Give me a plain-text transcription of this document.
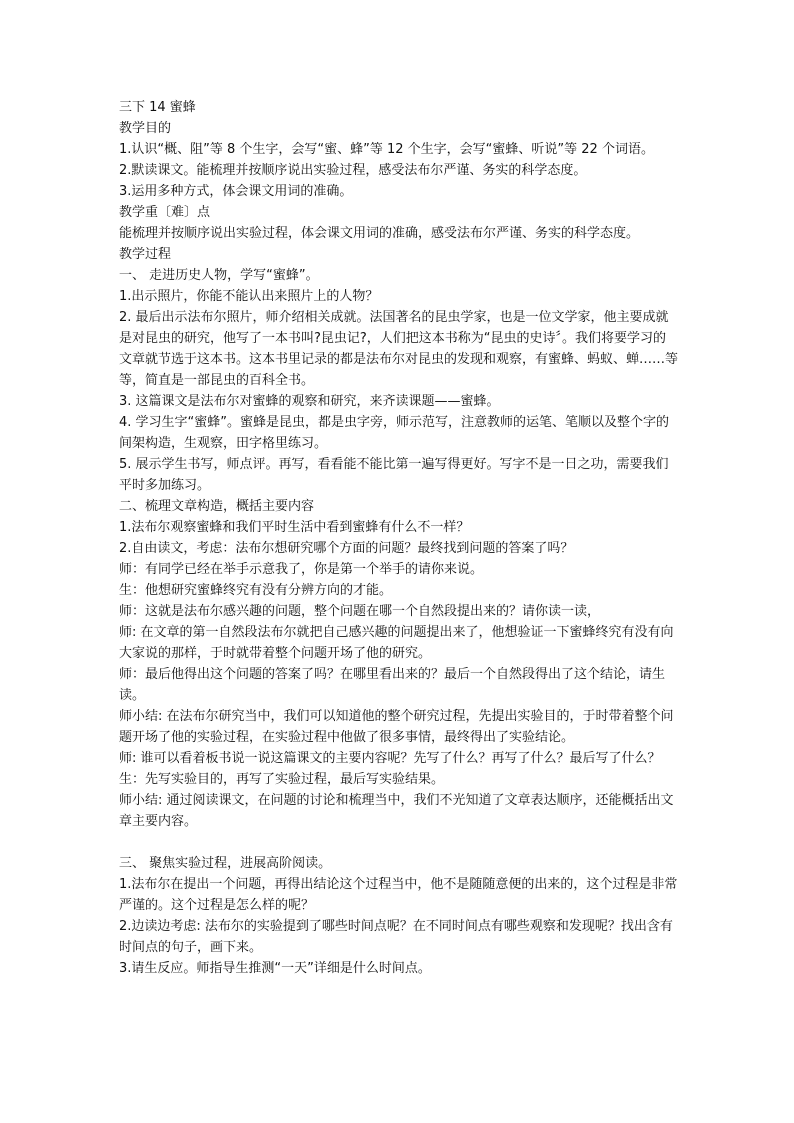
三下 14 蜜蜂

教学目的

1.认识“概、阻”等 8 个生字，会写“蜜、蜂”等 12 个生字，会写“蜜蜂、听说”等 22 个词语。

2.默读课文。能梳理并按顺序说出实验过程，感受法布尔严谨、务实的科学态度。

3.运用多种方式，体会课文用词的准确。

教学重〔难〕点

能梳理并按顺序说出实验过程，体会课文用词的准确，感受法布尔严谨、务实的科学态度。

教学过程

一、 走进历史人物，学写“蜜蜂”。

1.出示照片，你能不能认出来照片上的人物？

2. 最后出示法布尔照片，师介绍相关成就。法国著名的昆虫学家，也是一位文学家，他主要成就是对昆虫的研究，他写了一本书叫?昆虫记?，人们把这本书称为“昆虫的史诗〞。我们将要学习的文章就节选于这本书。这本书里记录的都是法布尔对昆虫的发现和观察，有蜜蜂、蚂蚁、蝉……等等，简直是一部昆虫的百科全书。

3. 这篇课文是法布尔对蜜蜂的观察和研究，来齐读课题——蜜蜂。

4. 学习生字“蜜蜂”。蜜蜂是昆虫，都是虫字旁，师示范写，注意教师的运笔、笔顺以及整个字的间架构造，生观察，田字格里练习。

5. 展示学生书写，师点评。再写，看看能不能比第一遍写得更好。写字不是一日之功，需要我们平时多加练习。

二、梳理文章构造，概括主要内容

1.法布尔观察蜜蜂和我们平时生活中看到蜜蜂有什么不一样？

2.自由读文，考虑：法布尔想研究哪个方面的问题？最终找到问题的答案了吗？

师：有同学已经在举手示意我了，你是第一个举手的请你来说。

生：他想研究蜜蜂终究有没有分辨方向的才能。

师：这就是法布尔感兴趣的问题，整个问题在哪一个自然段提出来的？请你读一读，

师: 在文章的第一自然段法布尔就把自己感兴趣的问题提出来了，他想验证一下蜜蜂终究有没有向大家说的那样，于时就带着整个问题开场了他的研究。

师：最后他得出这个问题的答案了吗？在哪里看出来的？最后一个自然段得出了这个结论，请生读。

师小结: 在法布尔研究当中，我们可以知道他的整个研究过程，先提出实验目的，于时带着整个问题开场了他的实验过程，在实验过程中他做了很多事情，最终得出了实验结论。

师: 谁可以看着板书说一说这篇课文的主要内容呢？先写了什么？再写了什么？最后写了什么？

生：先写实验目的，再写了实验过程，最后写实验结果。

师小结: 通过阅读课文，在问题的讨论和梳理当中，我们不光知道了文章表达顺序，还能概括出文章主要内容。

三、 聚焦实验过程，进展高阶阅读。

1.法布尔在提出一个问题，再得出结论这个过程当中，他不是随随意便的出来的，这个过程是非常严谨的。这个过程是怎么样的呢？

2.边读边考虑: 法布尔的实验提到了哪些时间点呢？在不同时间点有哪些观察和发现呢？找出含有时间点的句子，画下来。

3.请生反应。师指导生推测“一天”详细是什么时间点。
